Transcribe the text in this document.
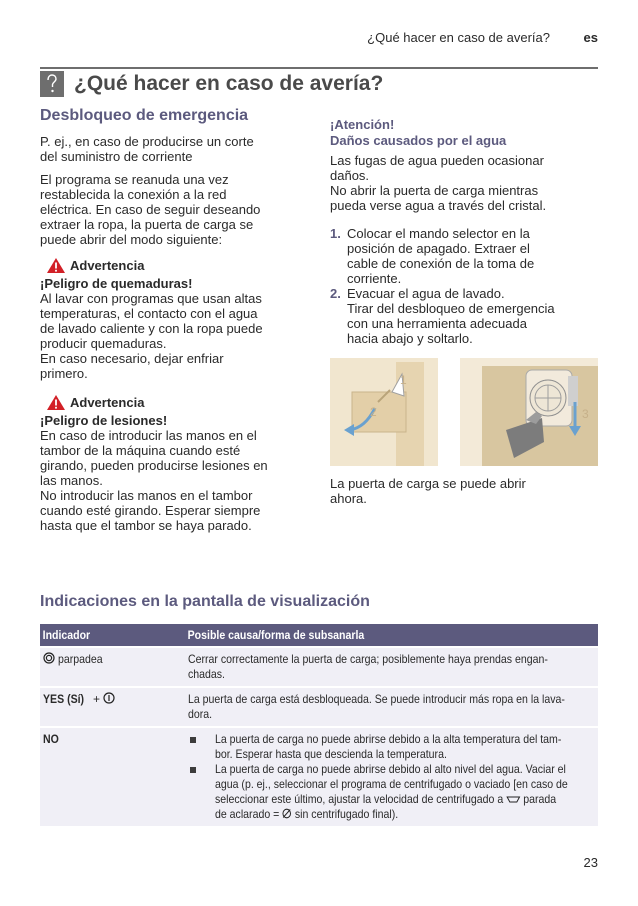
¿Qué hacer en caso de avería?	es
¿Qué hacer en caso de avería?
Desbloqueo de emergencia
P. ej., en caso de producirse un corte
del suministro de corriente
El programa se reanuda una vez
restablecida la conexión a la red
eléctrica. En caso de seguir deseando
extraer la ropa, la puerta de carga se
puede abrir del modo siguiente:
Advertencia
¡Peligro de quemaduras!
Al lavar con programas que usan altas
temperaturas, el contacto con el agua
de lavado caliente y con la ropa puede
producir quemaduras.
En caso necesario, dejar enfriar
primero.
Advertencia
¡Peligro de lesiones!
En caso de introducir las manos en el
tambor de la máquina cuando esté
girando, pueden producirse lesiones en
las manos.
No introducir las manos en el tambor
cuando esté girando. Esperar siempre
hasta que el tambor se haya parado.
¡Atención!
Daños causados por el agua
Las fugas de agua pueden ocasionar
daños.
No abrir la puerta de carga mientras
pueda verse agua a través del cristal.
1. Colocar el mando selector en la
posición de apagado. Extraer el
cable de conexión de la toma de
corriente.
2. Evacuar el agua de lavado.
Tirar del desbloqueo de emergencia
con una herramienta adecuada
hacia abajo y soltarlo.
1
2	3
La puerta de carga se puede abrir
ahora.
Indicaciones en la pantalla de visualización
Indicador	Posible causa/forma de subsanarla
parpadea	Cerrar correctamente la puerta de carga; posiblemente haya prendas engan-
chadas.
YES (Sí) +	La puerta de carga está desbloqueada. Se puede introducir más ropa en la lava-
dora.
NO	La puerta de carga no puede abrirse debido a la alta temperatura del tam-
bor. Esperar hasta que descienda la temperatura.
La puerta de carga no puede abrirse debido al alto nivel del agua. Vaciar el
agua (p. ej., seleccionar el programa de centrifugado o vaciado [en caso de
seleccionar este último, ajustar la velocidad de centrifugado a parada
de aclarado = sin centrifugado final).
23
